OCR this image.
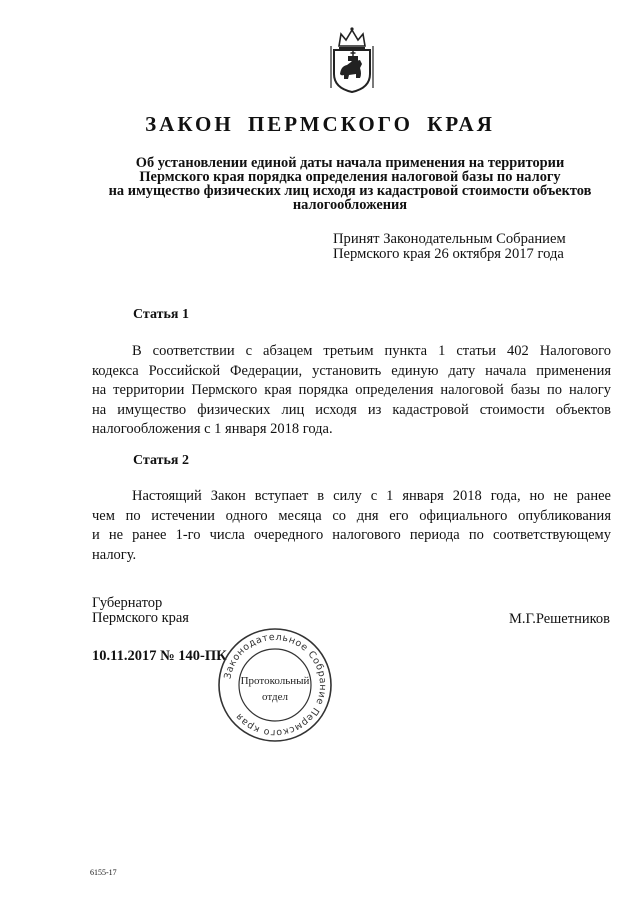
ЗАКОН ПЕРМСКОГО КРАЯ
Об установлении единой даты начала применения на территории
Пермского края порядка определения налоговой базы по налогу
на имущество физических лиц исходя из кадастровой стоимости объектов
налогообложения
Принят Законодательным Собранием
Пермского края 26 октября 2017 года
Статья 1
В соответствии с абзацем третьим пункта 1 статьи 402 Налогового
кодекса Российской Федерации, установить единую дату начала применения
на территории Пермского края порядка определения налоговой базы по налогу
на имущество физических лиц исходя из кадастровой стоимости объектов
налогообложения с 1 января 2018 года.
Статья 2
Настоящий Закон вступает в силу с 1 января 2018 года, но не ранее
чем по истечении одного месяца со дня его официального опубликования
и не ранее 1-го числа очередного налогового периода по соответствующему
налогу.
Губернатор
Пермского края	М.Г.Решетников
10.11.2017 № 140-ПК
Законодательное Собрание Пермского края
Протокольный
отдел
6155-17
